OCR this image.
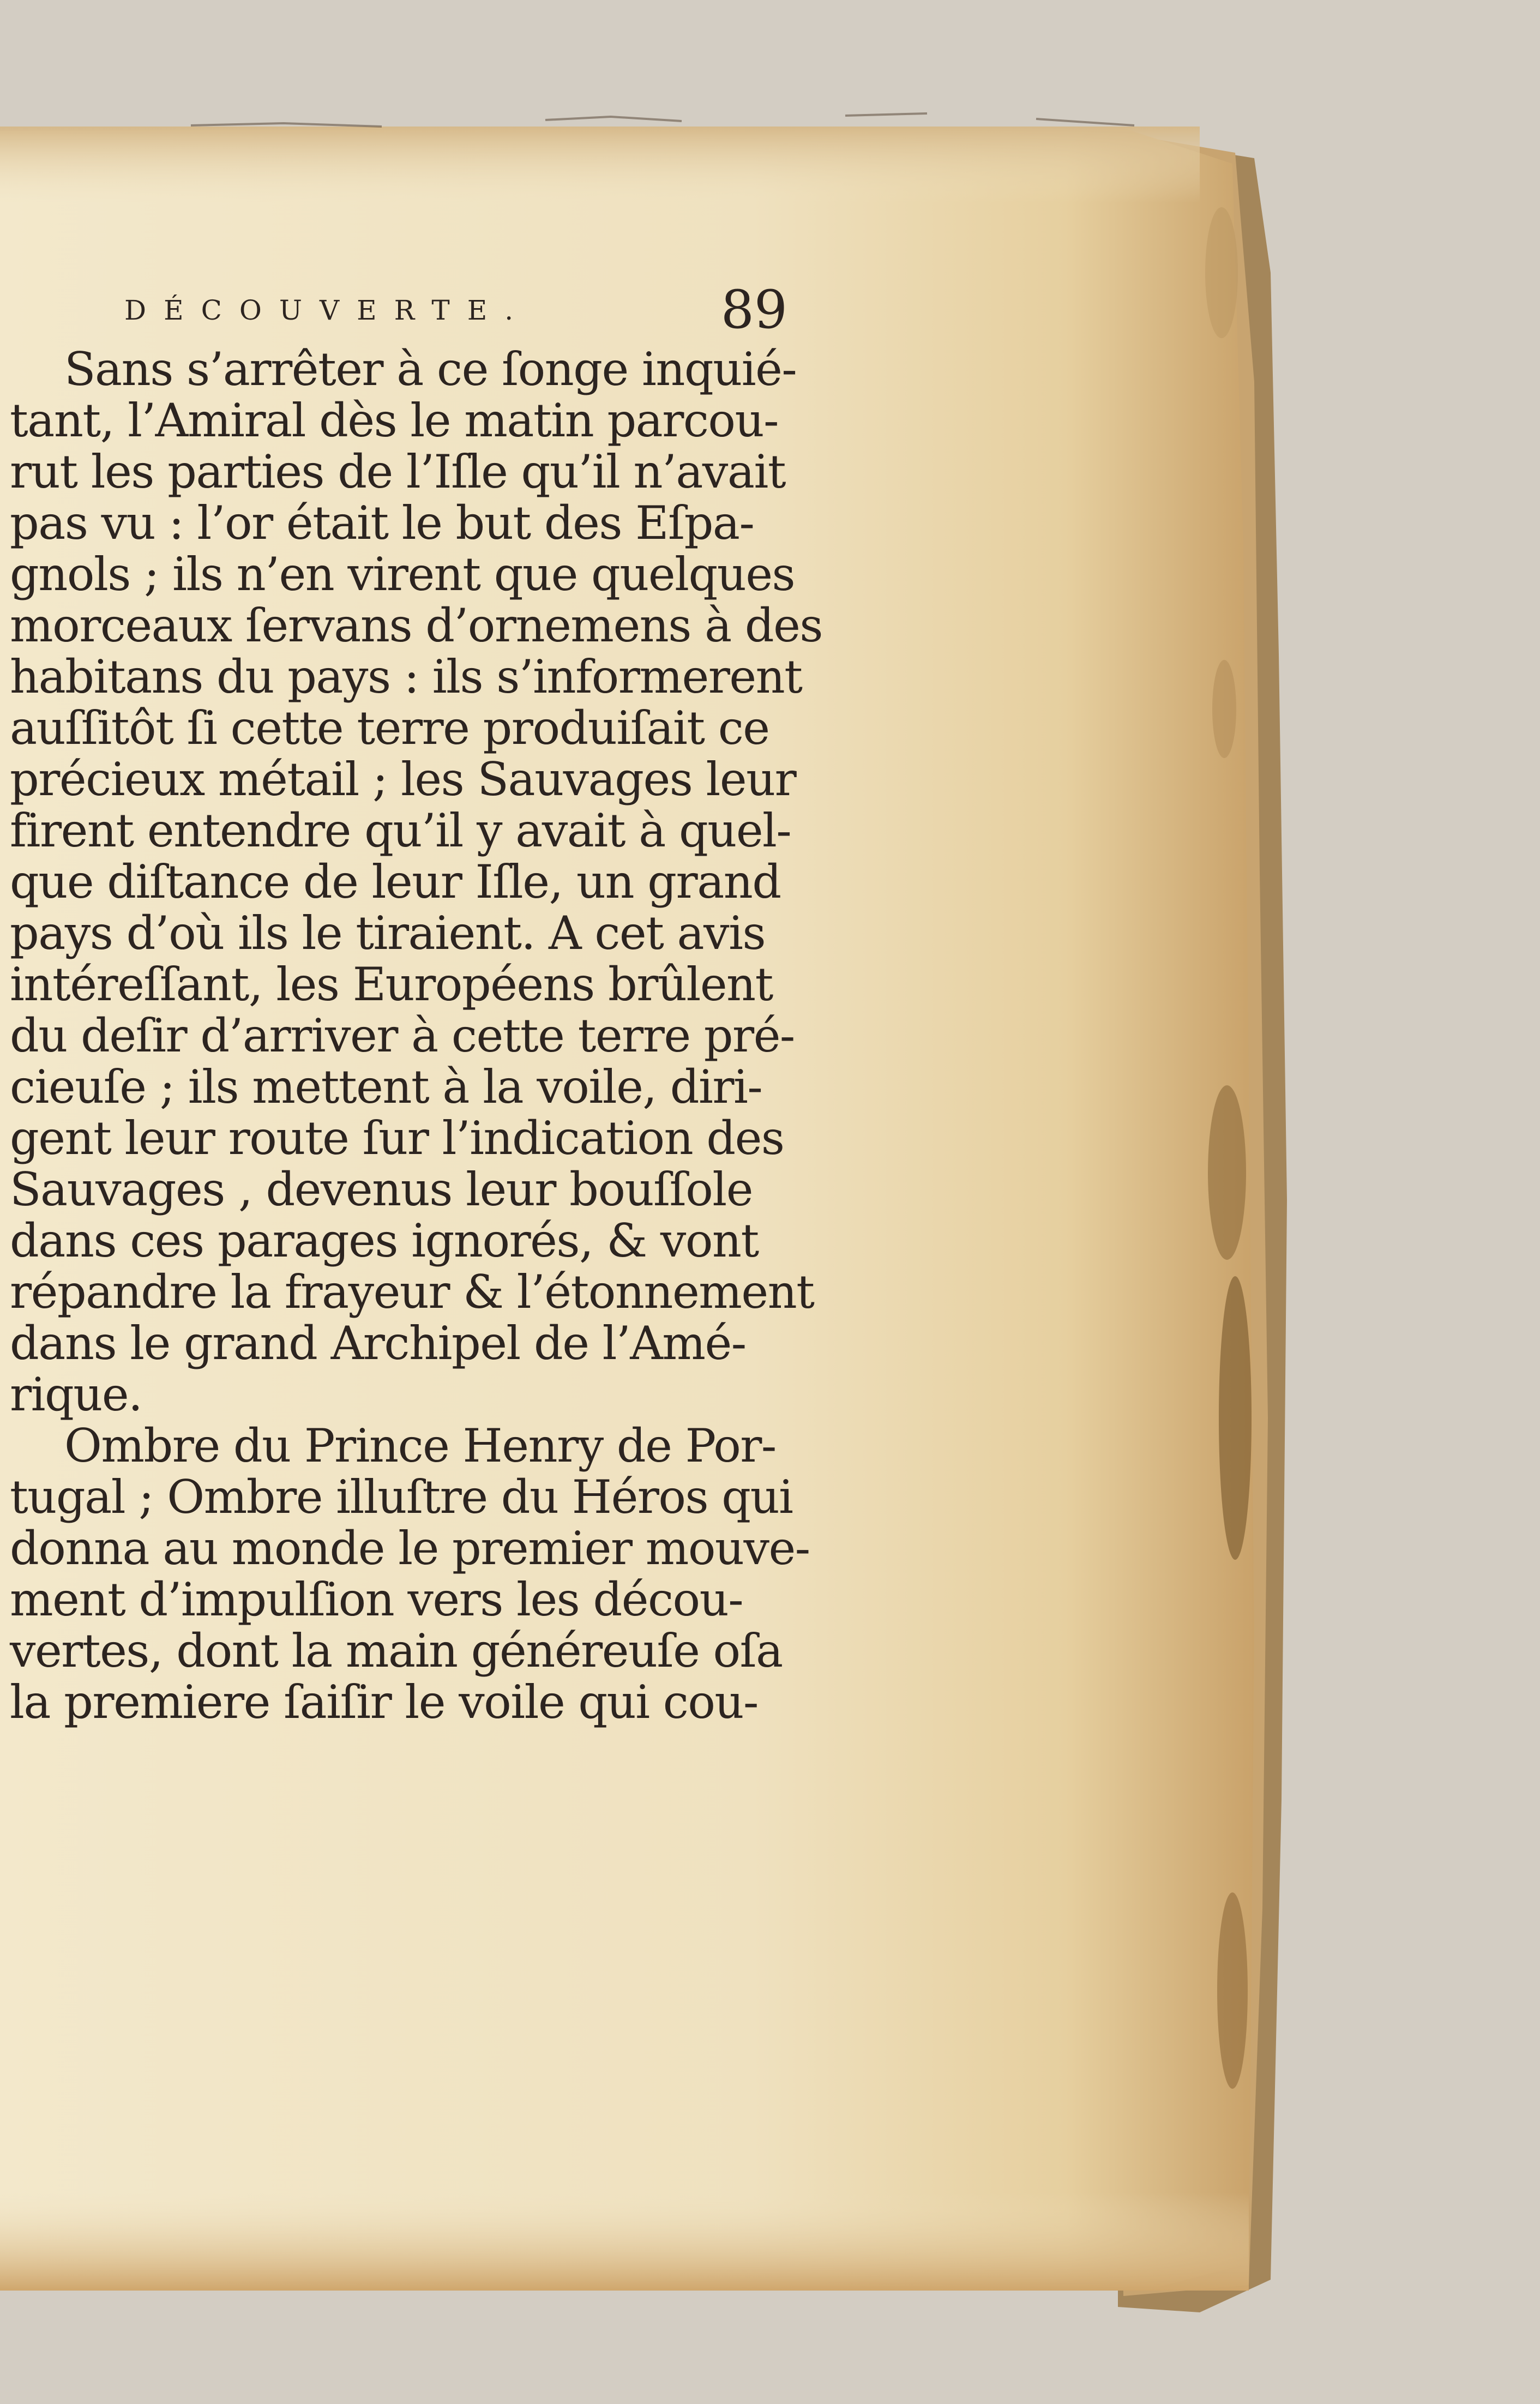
DÉCOUVERTE.	89
Sans s’arrêter à ce ſonge inquié-
tant, l’Amiral dès le matin parcou-
rut les parties de l’Iſle qu’il n’avait
pas vu : l’or était le but des Eſpa-
gnols ; ils n’en virent que quelques
morceaux ſervans d’ornemens à des
habitans du pays : ils s’informerent
auſſitôt ſi cette terre produiſait ce
précieux métail ; les Sauvages leur
firent entendre qu’il y avait à quel-
que diſtance de leur Iſle, un grand
pays d’où ils le tiraient. A cet avis
intéreſſant, les Européens brûlent
du deſir d’arriver à cette terre pré-
cieuſe ; ils mettent à la voile, diri-
gent leur route ſur l’indication des
Sauvages , devenus leur bouſſole
dans ces parages ignorés, & vont
répandre la frayeur & l’étonnement
dans le grand Archipel de l’Amé-
rique.
Ombre du Prince Henry de Por-
tugal ; Ombre illuſtre du Héros qui
donna au monde le premier mouve-
ment d’impulſion vers les décou-
vertes, dont la main généreuſe oſa
la premiere ſaiſir le voile qui cou-
